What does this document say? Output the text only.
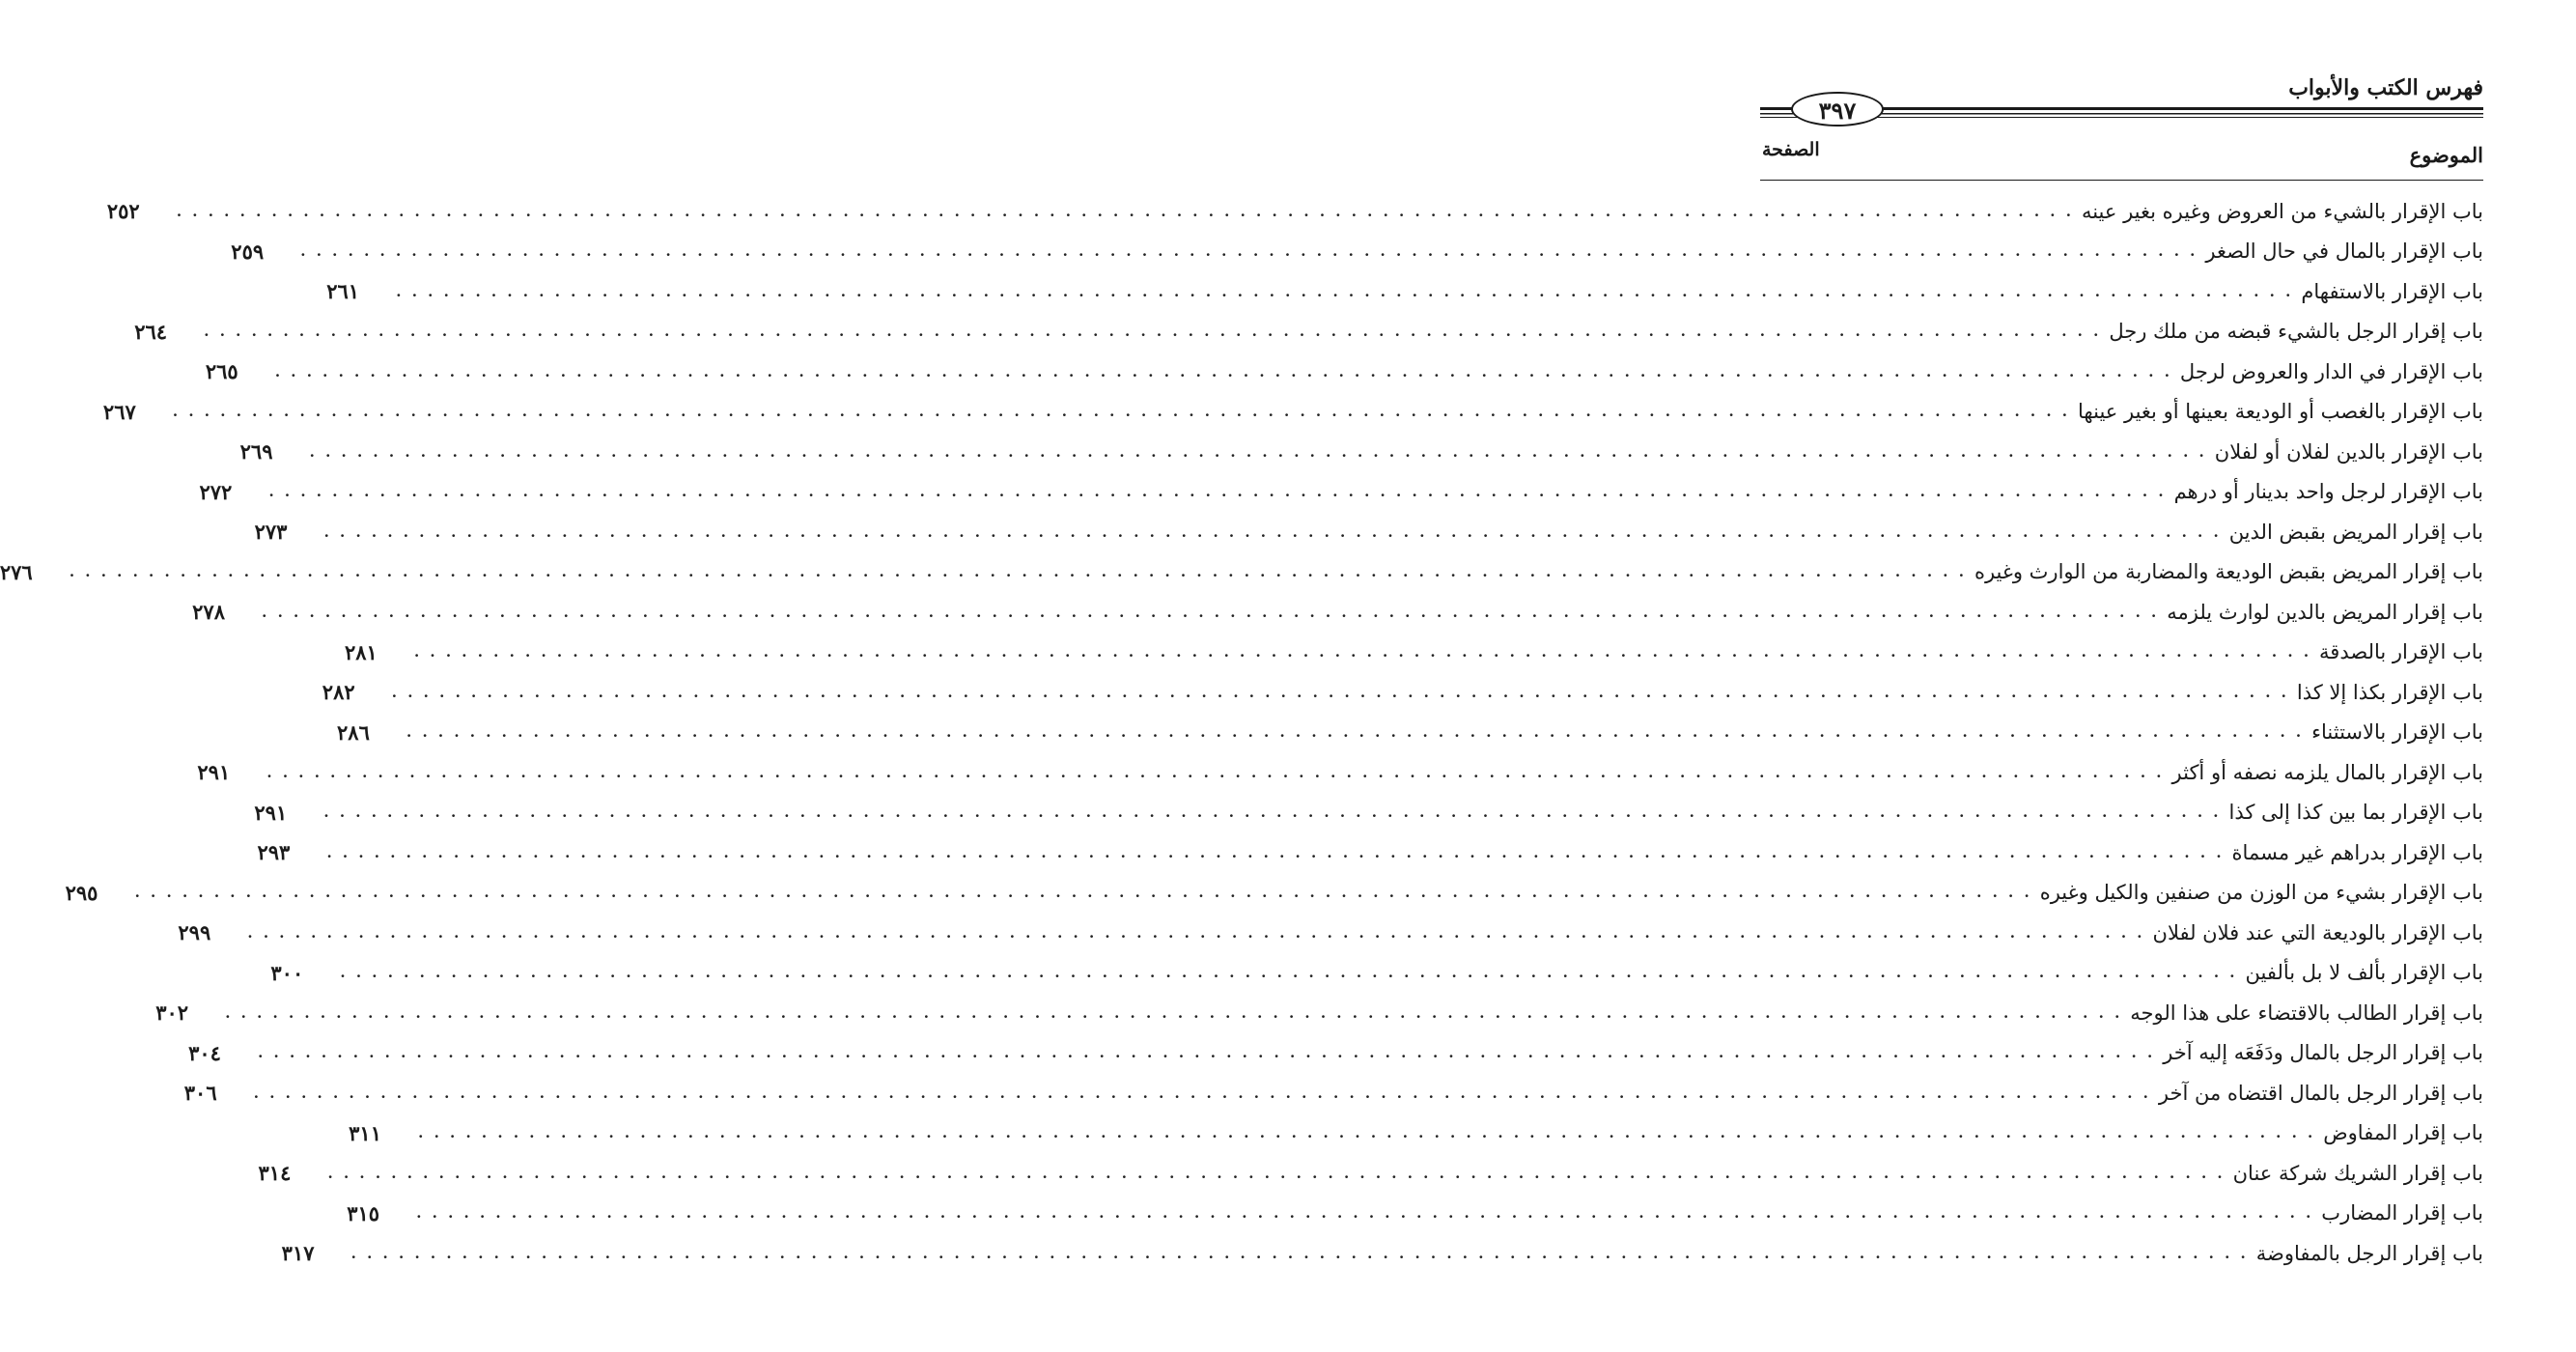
فهرس الكتب والأبواب
٣٩٧
الموضوع
الصفحة
باب الإقرار بالشيء من العروض وغيره بغير عينه
. . . . . . . . . . . . . . . . . . . . . . . . . . . . . . . . . . . . . . . . . . . . . . . . . . . . . . . . . . . . . . . . . . . . . . . . . . . . . . . . . . . . . . . . . . . . . . . . . . . . . . . . . . . . . . . . . . . . . . . .
٢٥٢
باب الإقرار بالمال في حال الصغر
. . . . . . . . . . . . . . . . . . . . . . . . . . . . . . . . . . . . . . . . . . . . . . . . . . . . . . . . . . . . . . . . . . . . . . . . . . . . . . . . . . . . . . . . . . . . . . . . . . . . . . . . . . . . . . . . . . . . . . . .
٢٥٩
باب الإقرار بالاستفهام
. . . . . . . . . . . . . . . . . . . . . . . . . . . . . . . . . . . . . . . . . . . . . . . . . . . . . . . . . . . . . . . . . . . . . . . . . . . . . . . . . . . . . . . . . . . . . . . . . . . . . . . . . . . . . . . . . . . . . . . .
٢٦١
باب إقرار الرجل بالشيء قبضه من ملك رجل
. . . . . . . . . . . . . . . . . . . . . . . . . . . . . . . . . . . . . . . . . . . . . . . . . . . . . . . . . . . . . . . . . . . . . . . . . . . . . . . . . . . . . . . . . . . . . . . . . . . . . . . . . . . . . . . . . . . . . . . .
٢٦٤
باب الإقرار في الدار والعروض لرجل
. . . . . . . . . . . . . . . . . . . . . . . . . . . . . . . . . . . . . . . . . . . . . . . . . . . . . . . . . . . . . . . . . . . . . . . . . . . . . . . . . . . . . . . . . . . . . . . . . . . . . . . . . . . . . . . . . . . . . . . .
٢٦٥
باب الإقرار بالغصب أو الوديعة بعينها أو بغير عينها
. . . . . . . . . . . . . . . . . . . . . . . . . . . . . . . . . . . . . . . . . . . . . . . . . . . . . . . . . . . . . . . . . . . . . . . . . . . . . . . . . . . . . . . . . . . . . . . . . . . . . . . . . . . . . . . . . . . . . . . .
٢٦٧
باب الإقرار بالدين لفلان أو لفلان
. . . . . . . . . . . . . . . . . . . . . . . . . . . . . . . . . . . . . . . . . . . . . . . . . . . . . . . . . . . . . . . . . . . . . . . . . . . . . . . . . . . . . . . . . . . . . . . . . . . . . . . . . . . . . . . . . . . . . . . .
٢٦٩
باب الإقرار لرجل واحد بدينار أو درهم
. . . . . . . . . . . . . . . . . . . . . . . . . . . . . . . . . . . . . . . . . . . . . . . . . . . . . . . . . . . . . . . . . . . . . . . . . . . . . . . . . . . . . . . . . . . . . . . . . . . . . . . . . . . . . . . . . . . . . . . .
٢٧٢
باب إقرار المريض بقبض الدين
. . . . . . . . . . . . . . . . . . . . . . . . . . . . . . . . . . . . . . . . . . . . . . . . . . . . . . . . . . . . . . . . . . . . . . . . . . . . . . . . . . . . . . . . . . . . . . . . . . . . . . . . . . . . . . . . . . . . . . . .
٢٧٣
باب إقرار المريض بقبض الوديعة والمضاربة من الوارث وغيره
. . . . . . . . . . . . . . . . . . . . . . . . . . . . . . . . . . . . . . . . . . . . . . . . . . . . . . . . . . . . . . . . . . . . . . . . . . . . . . . . . . . . . . . . . . . . . . . . . . . . . . . . . . . . . . . . . . . . . . . .
٢٧٦
باب إقرار المريض بالدين لوارث يلزمه
. . . . . . . . . . . . . . . . . . . . . . . . . . . . . . . . . . . . . . . . . . . . . . . . . . . . . . . . . . . . . . . . . . . . . . . . . . . . . . . . . . . . . . . . . . . . . . . . . . . . . . . . . . . . . . . . . . . . . . . .
٢٧٨
باب الإقرار بالصدقة
. . . . . . . . . . . . . . . . . . . . . . . . . . . . . . . . . . . . . . . . . . . . . . . . . . . . . . . . . . . . . . . . . . . . . . . . . . . . . . . . . . . . . . . . . . . . . . . . . . . . . . . . . . . . . . . . . . . . . . . .
٢٨١
باب الإقرار بكذا إلا كذا
. . . . . . . . . . . . . . . . . . . . . . . . . . . . . . . . . . . . . . . . . . . . . . . . . . . . . . . . . . . . . . . . . . . . . . . . . . . . . . . . . . . . . . . . . . . . . . . . . . . . . . . . . . . . . . . . . . . . . . . .
٢٨٢
باب الإقرار بالاستثناء
. . . . . . . . . . . . . . . . . . . . . . . . . . . . . . . . . . . . . . . . . . . . . . . . . . . . . . . . . . . . . . . . . . . . . . . . . . . . . . . . . . . . . . . . . . . . . . . . . . . . . . . . . . . . . . . . . . . . . . . .
٢٨٦
باب الإقرار بالمال يلزمه نصفه أو أكثر
. . . . . . . . . . . . . . . . . . . . . . . . . . . . . . . . . . . . . . . . . . . . . . . . . . . . . . . . . . . . . . . . . . . . . . . . . . . . . . . . . . . . . . . . . . . . . . . . . . . . . . . . . . . . . . . . . . . . . . . .
٢٩١
باب الإقرار بما بين كذا إلى كذا
. . . . . . . . . . . . . . . . . . . . . . . . . . . . . . . . . . . . . . . . . . . . . . . . . . . . . . . . . . . . . . . . . . . . . . . . . . . . . . . . . . . . . . . . . . . . . . . . . . . . . . . . . . . . . . . . . . . . . . . .
٢٩١
باب الإقرار بدراهم غير مسماة
. . . . . . . . . . . . . . . . . . . . . . . . . . . . . . . . . . . . . . . . . . . . . . . . . . . . . . . . . . . . . . . . . . . . . . . . . . . . . . . . . . . . . . . . . . . . . . . . . . . . . . . . . . . . . . . . . . . . . . . .
٢٩٣
باب الإقرار بشيء من الوزن من صنفين والكيل وغيره
. . . . . . . . . . . . . . . . . . . . . . . . . . . . . . . . . . . . . . . . . . . . . . . . . . . . . . . . . . . . . . . . . . . . . . . . . . . . . . . . . . . . . . . . . . . . . . . . . . . . . . . . . . . . . . . . . . . . . . . .
٢٩٥
باب الإقرار بالوديعة التي عند فلان لفلان
. . . . . . . . . . . . . . . . . . . . . . . . . . . . . . . . . . . . . . . . . . . . . . . . . . . . . . . . . . . . . . . . . . . . . . . . . . . . . . . . . . . . . . . . . . . . . . . . . . . . . . . . . . . . . . . . . . . . . . . .
٢٩٩
باب الإقرار بألف لا بل بألفين
. . . . . . . . . . . . . . . . . . . . . . . . . . . . . . . . . . . . . . . . . . . . . . . . . . . . . . . . . . . . . . . . . . . . . . . . . . . . . . . . . . . . . . . . . . . . . . . . . . . . . . . . . . . . . . . . . . . . . . . .
٣٠٠
باب إقرار الطالب بالاقتضاء على هذا الوجه
. . . . . . . . . . . . . . . . . . . . . . . . . . . . . . . . . . . . . . . . . . . . . . . . . . . . . . . . . . . . . . . . . . . . . . . . . . . . . . . . . . . . . . . . . . . . . . . . . . . . . . . . . . . . . . . . . . . . . . . .
٣٠٢
باب إقرار الرجل بالمال ودَفَعَه إليه آخر
. . . . . . . . . . . . . . . . . . . . . . . . . . . . . . . . . . . . . . . . . . . . . . . . . . . . . . . . . . . . . . . . . . . . . . . . . . . . . . . . . . . . . . . . . . . . . . . . . . . . . . . . . . . . . . . . . . . . . . . .
٣٠٤
باب إقرار الرجل بالمال اقتضاه من آخر
. . . . . . . . . . . . . . . . . . . . . . . . . . . . . . . . . . . . . . . . . . . . . . . . . . . . . . . . . . . . . . . . . . . . . . . . . . . . . . . . . . . . . . . . . . . . . . . . . . . . . . . . . . . . . . . . . . . . . . . .
٣٠٦
باب إقرار المفاوض
. . . . . . . . . . . . . . . . . . . . . . . . . . . . . . . . . . . . . . . . . . . . . . . . . . . . . . . . . . . . . . . . . . . . . . . . . . . . . . . . . . . . . . . . . . . . . . . . . . . . . . . . . . . . . . . . . . . . . . . .
٣١١
باب إقرار الشريك شركة عنان
. . . . . . . . . . . . . . . . . . . . . . . . . . . . . . . . . . . . . . . . . . . . . . . . . . . . . . . . . . . . . . . . . . . . . . . . . . . . . . . . . . . . . . . . . . . . . . . . . . . . . . . . . . . . . . . . . . . . . . . .
٣١٤
باب إقرار المضارب
. . . . . . . . . . . . . . . . . . . . . . . . . . . . . . . . . . . . . . . . . . . . . . . . . . . . . . . . . . . . . . . . . . . . . . . . . . . . . . . . . . . . . . . . . . . . . . . . . . . . . . . . . . . . . . . . . . . . . . . .
٣١٥
باب إقرار الرجل بالمفاوضة
. . . . . . . . . . . . . . . . . . . . . . . . . . . . . . . . . . . . . . . . . . . . . . . . . . . . . . . . . . . . . . . . . . . . . . . . . . . . . . . . . . . . . . . . . . . . . . . . . . . . . . . . . . . . . . . . . . . . . . . .
٣١٧
